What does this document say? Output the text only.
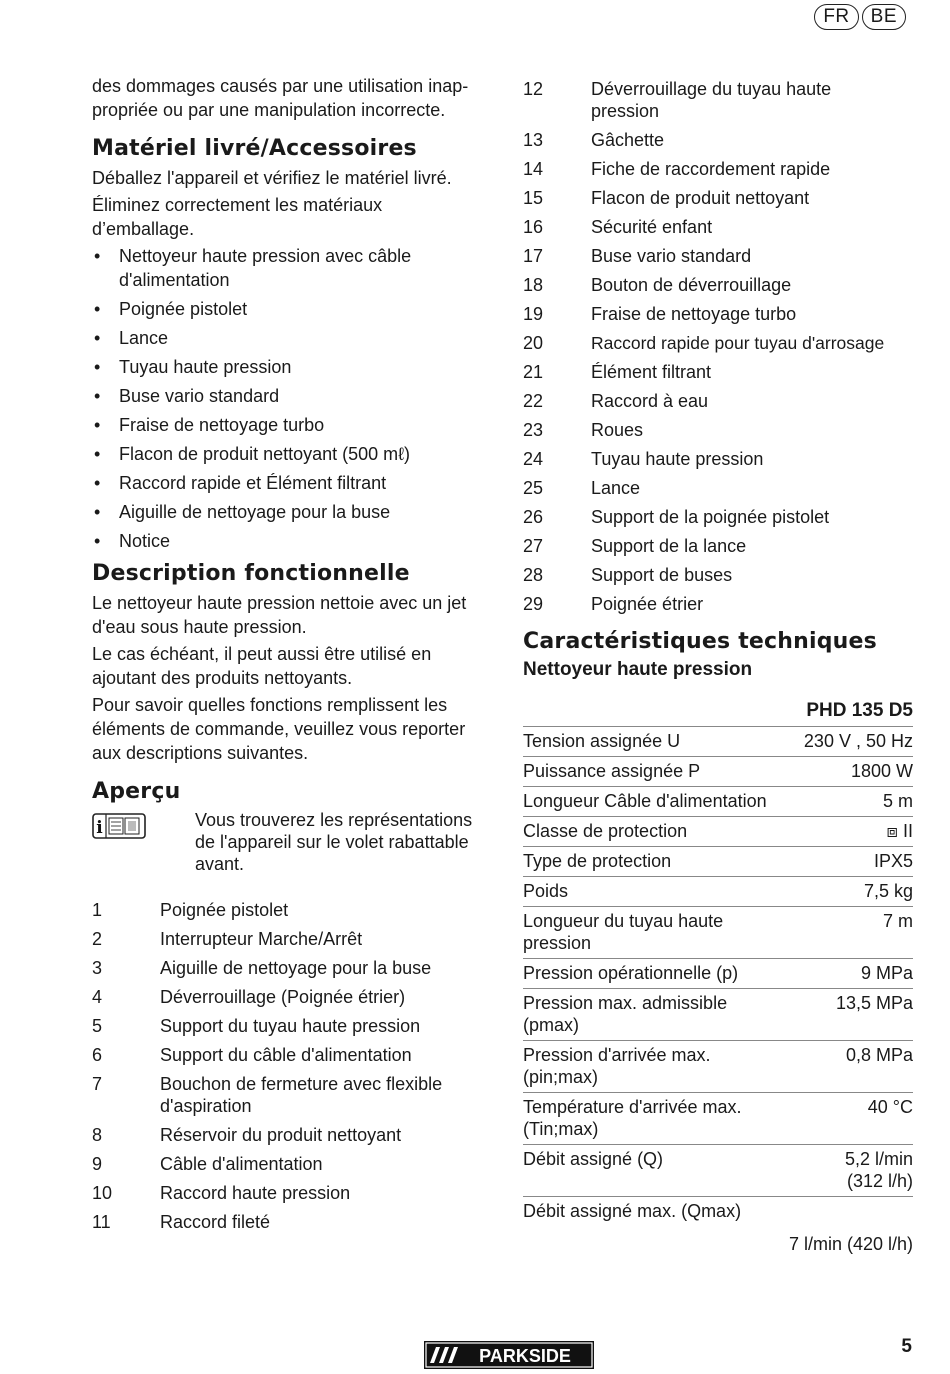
FR	BE

des dommages causés par une utilisation inap-

propriée ou par une manipulation incorrecte.

Matériel livré/Accessoires

Déballez l'appareil et vérifiez le matériel livré.

Éliminez correctement les matériaux d’emballage.

• Nettoyeur haute pression avec câble d'alimentation
• Poignée pistolet
• Lance
• Tuyau haute pression
• Buse vario standard
• Fraise de nettoyage turbo
• Flacon de produit nettoyant (500 mℓ)
• Raccord rapide et Élément filtrant
• Aiguille de nettoyage pour la buse
• Notice
Description fonctionnelle

Le nettoyeur haute pression nettoie avec un jet d'eau sous haute pression.

Le cas échéant, il peut aussi être utilisé en ajoutant des produits nettoyants.

Pour savoir quelles fonctions remplissent les éléments de commande, veuillez vous reporter aux descriptions suivantes.

Aperçu
i	Vous trouverez les représentations de l'appareil sur le volet rabattable avant.
1	Poignée pistolet
2	Interrupteur Marche/Arrêt
3	Aiguille de nettoyage pour la buse
4	Déverrouillage (Poignée étrier)
5	Support du tuyau haute pression
6	Support du câble d'alimentation
7	Bouchon de fermeture avec flexible d'aspiration
8	Réservoir du produit nettoyant
9	Câble d'alimentation
10	Raccord haute pression
11	Raccord fileté
12	Déverrouillage du tuyau haute pression
13	Gâchette
14	Fiche de raccordement rapide
15	Flacon de produit nettoyant
16	Sécurité enfant
17	Buse vario standard
18	Bouton de déverrouillage
19	Fraise de nettoyage turbo
20	Raccord rapide pour tuyau d'arrosage
21	Élément filtrant
22	Raccord à eau
23	Roues
24	Tuyau haute pression
25	Lance
26	Support de la poignée pistolet
27	Support de la lance
28	Support de buses
29	Poignée étrier
Caractéristiques techniques
Nettoyeur haute pression
PHD 135 D5	
Tension assignée U	230 V , 50 Hz
Puissance assignée P	1800 W
Longueur Câble d'alimentation	5 m
Classe de protection	⧈ II
Type de protection	IPX5
Poids	7,5 kg
Longueur du tuyau haute pression	7 m
Pression opérationnelle (p)	9 MPa
Pression max. admissible (pmax)	13,5 MPa
Pression d'arrivée max. (pin;max)	0,8 MPa
Température d'arrivée max. (Tin;max)	40 °C
Débit assigné (Q)	5,2 l/min
(312 l/h)
Débit assigné max. (Qmax)	
7 l/min (420 l/h)
PARKSIDE	5
